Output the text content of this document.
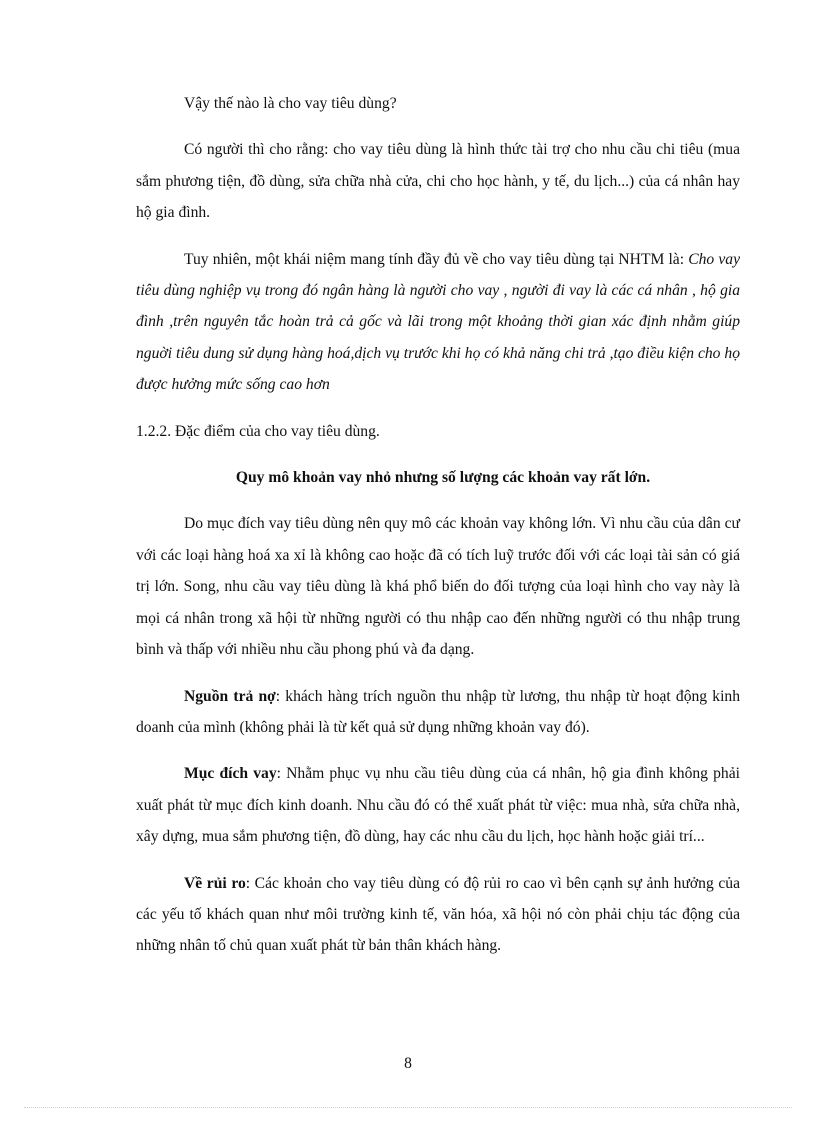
Vậy thế nào là cho vay tiêu dùng?

Có người thì cho rằng: cho vay tiêu dùng là hình thức tài trợ cho nhu cầu chi tiêu (mua sắm phương tiện, đồ dùng, sửa chữa nhà cửa, chi cho học hành, y tế, du lịch...) của cá nhân hay hộ gia đình.

Tuy nhiên, một khái niệm mang tính đầy đủ về cho vay tiêu dùng tại NHTM là: Cho vay tiêu dùng nghiệp vụ trong đó ngân hàng là người cho vay , người đi vay là các cá nhân , hộ gia đình ,trên nguyên tắc hoàn trả cả gốc và lãi trong một khoảng thời gian xác định nhằm giúp nguời tiêu dung sử dụng hàng hoá,dịch vụ trước khi họ có khả năng chi trả ,tạo điều kiện cho họ được hưởng mức sống cao hơn

1.2.2. Đặc điểm của cho vay tiêu dùng.

Quy mô khoản vay nhỏ nhưng số lượng các khoản vay rất lớn.

Do mục đích vay tiêu dùng nên quy mô các khoản vay không lớn. Vì nhu cầu của dân cư với các loại hàng hoá xa xỉ là không cao hoặc đã có tích luỹ trước đối với các loại tài sản có giá trị lớn. Song, nhu cầu vay tiêu dùng là khá phổ biến do đối tượng của loại hình cho vay này là mọi cá nhân trong xã hội từ những người có thu nhập cao đến những người có thu nhập trung bình và thấp với nhiều nhu cầu phong phú và đa dạng.

Nguồn trả nợ: khách hàng trích nguồn thu nhập từ lương, thu nhập từ hoạt động kinh doanh của mình (không phải là từ kết quả sử dụng những khoản vay đó).

Mục đích vay: Nhằm phục vụ nhu cầu tiêu dùng của cá nhân, hộ gia đình không phải xuất phát từ mục đích kinh doanh. Nhu cầu đó có thể xuất phát từ việc: mua nhà, sửa chữa nhà, xây dựng, mua sắm phương tiện, đồ dùng, hay các nhu cầu du lịch, học hành hoặc giải trí...

Về rủi ro: Các khoản cho vay tiêu dùng có độ rủi ro cao vì bên cạnh sự ảnh hưởng của các yếu tố khách quan như môi trường kinh tế, văn hóa, xã hội nó còn phải chịu tác động của những nhân tố chủ quan xuất phát từ bản thân khách hàng.

8
